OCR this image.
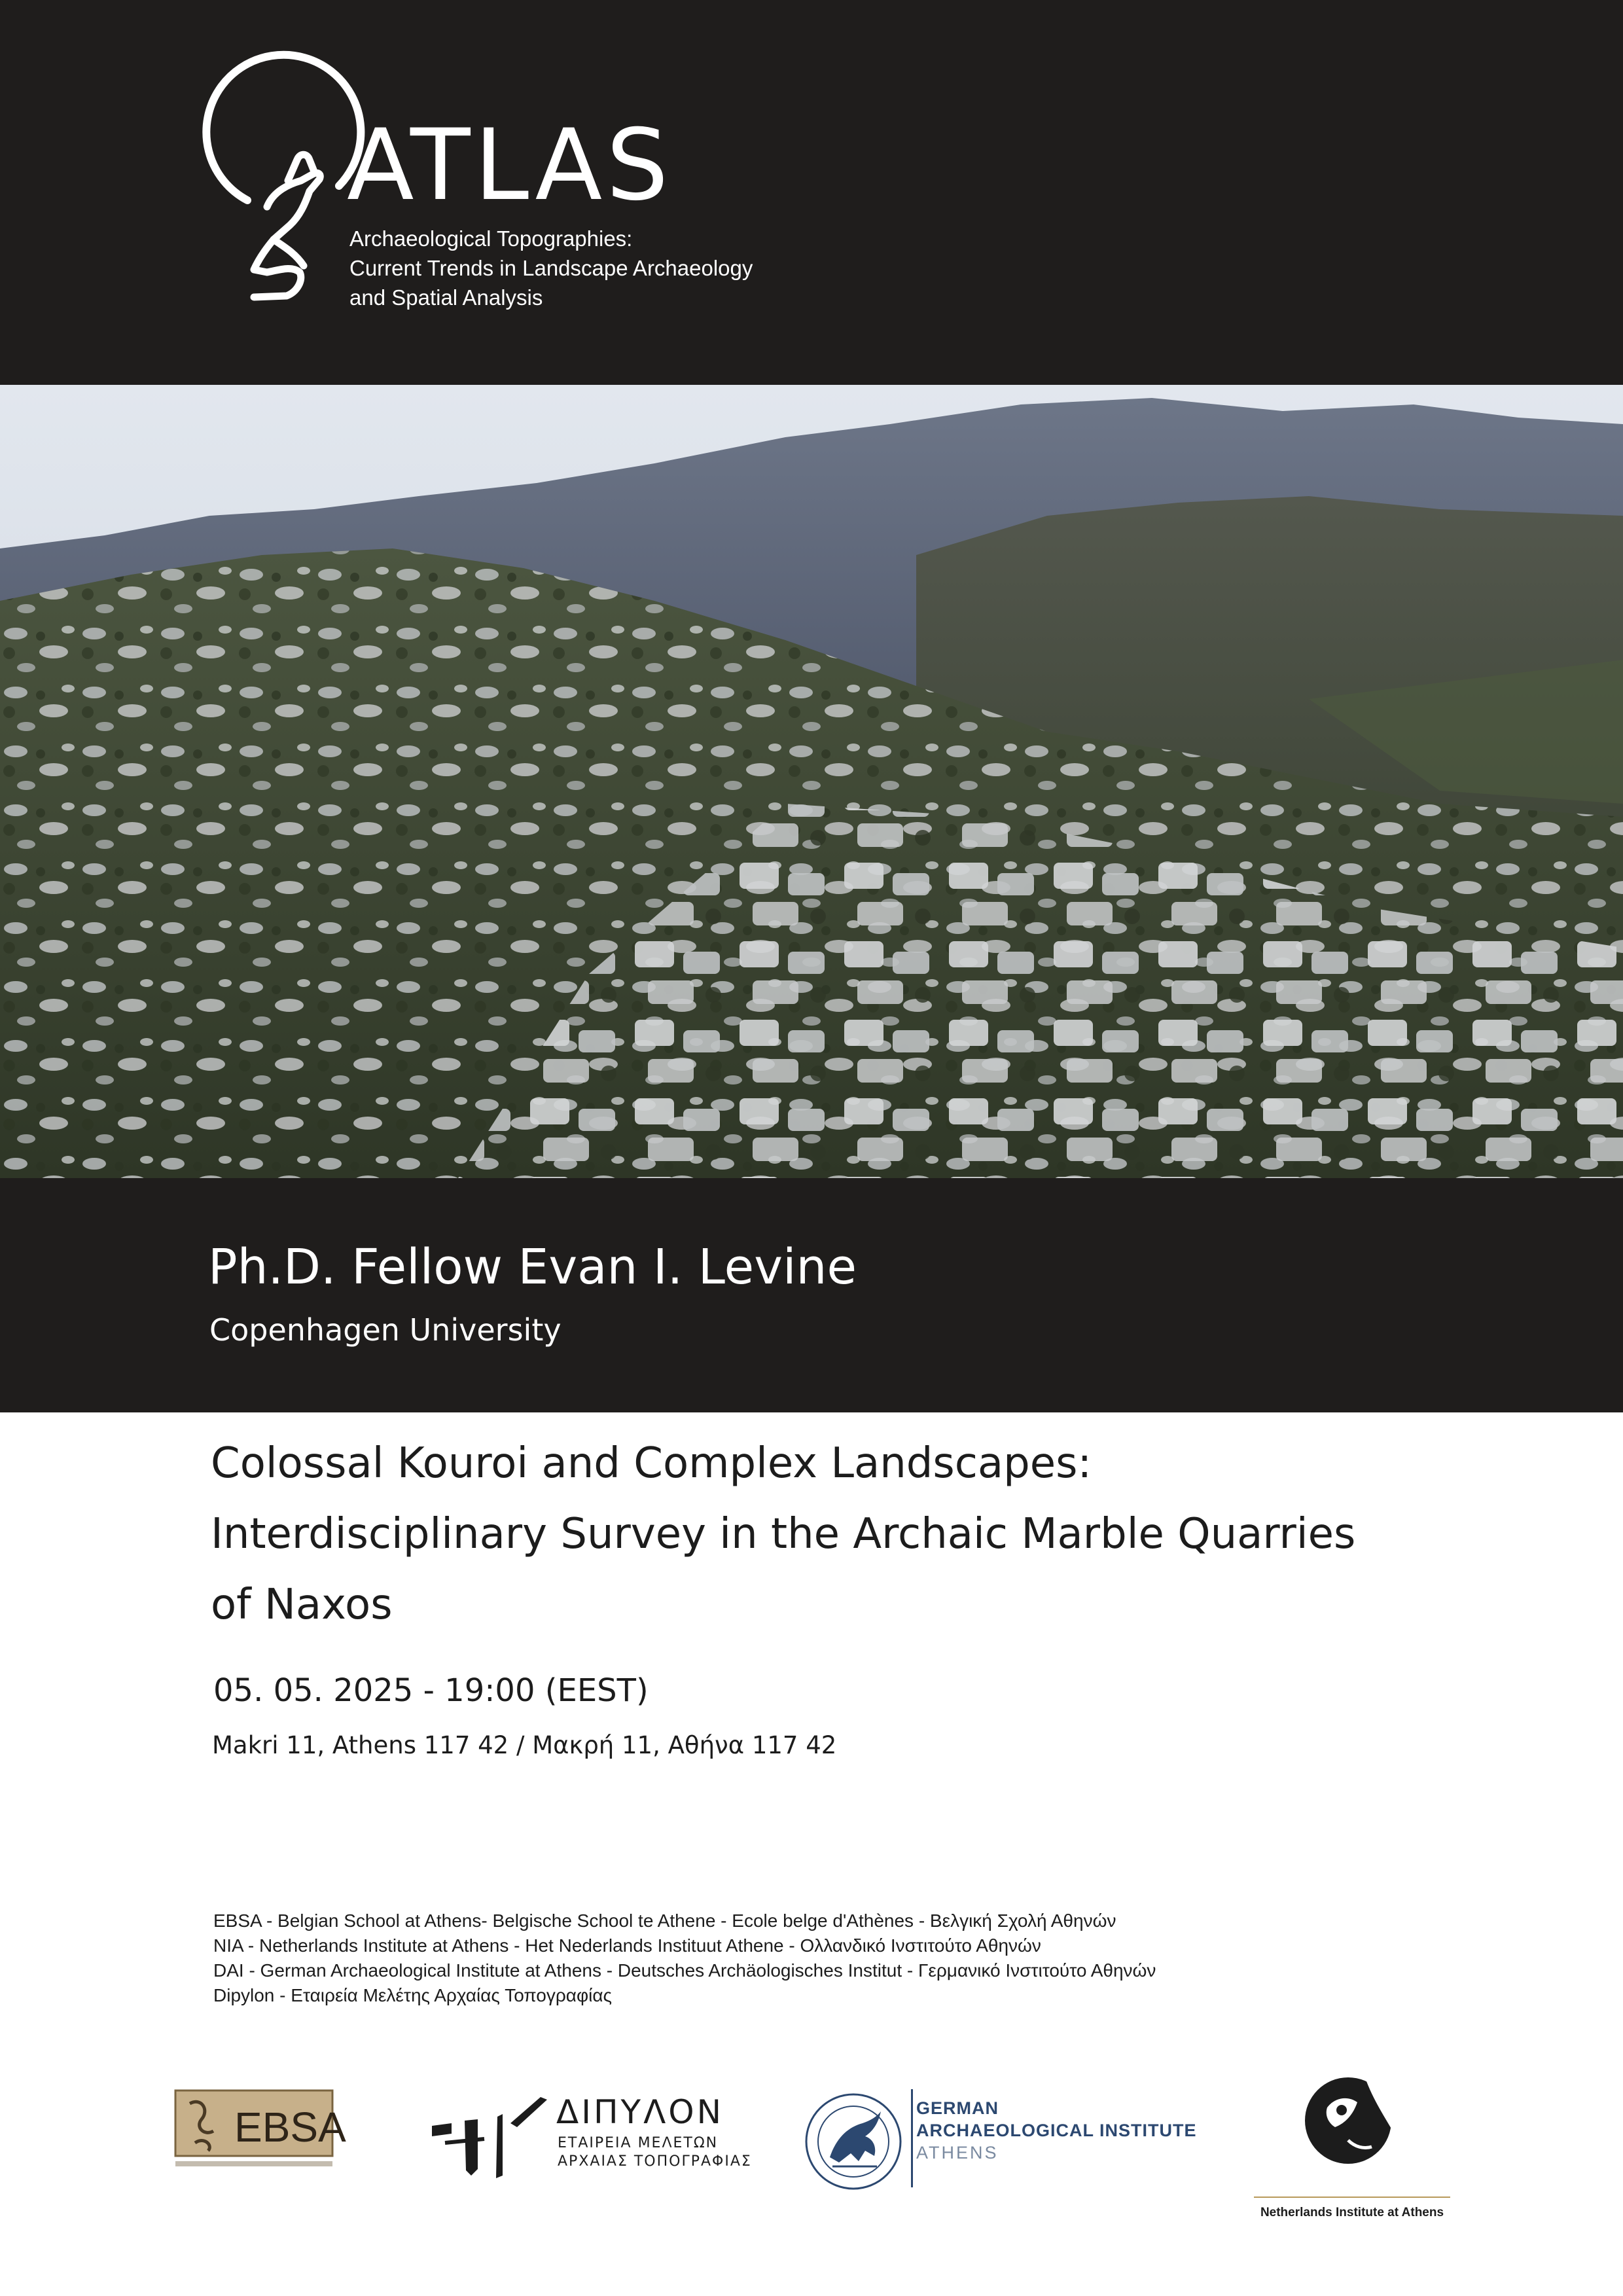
ATLAS
Archaeological Topographies:
Current Trends in Landscape Archaeology
and Spatial Analysis
Ph.D. Fellow Evan I. Levine
Copenhagen University
Colossal Kouroi and Complex Landscapes:
Interdisciplinary Survey in the Archaic Marble Quarries
of Naxos
05. 05. 2025 - 19:00 (EEST)
Makri 11, Athens 117 42 / Μακρή 11, Αθήνα 117 42
EBSA - Belgian School at Athens- Belgische School te Athene - Ecole belge d'Athènes - Βελγική Σχολή Αθηνών
NIA - Netherlands Institute at Athens - Het Nederlands Instituut Athene - Ολλανδικό Ινστιτούτο Αθηνών
DAI - German Archaeological Institute at Athens - Deutsches Archäologisches Institut - Γερμανικό Ινστιτούτο Αθηνών
Dipylon - Εταιρεία Μελέτης Αρχαίας Τοπογραφίας
EBSA	ΔΙΠΥΛΟΝ
ΕΤΑΙΡΕΙΑ ΜΕΛΕΤΩΝ
ΑΡΧΑΙΑΣ ΤΟΠΟΓΡΑΦΙΑΣ
GERMAN
ARCHAEOLOGICAL INSTITUTE
ATHENS
Netherlands Institute at Athens
